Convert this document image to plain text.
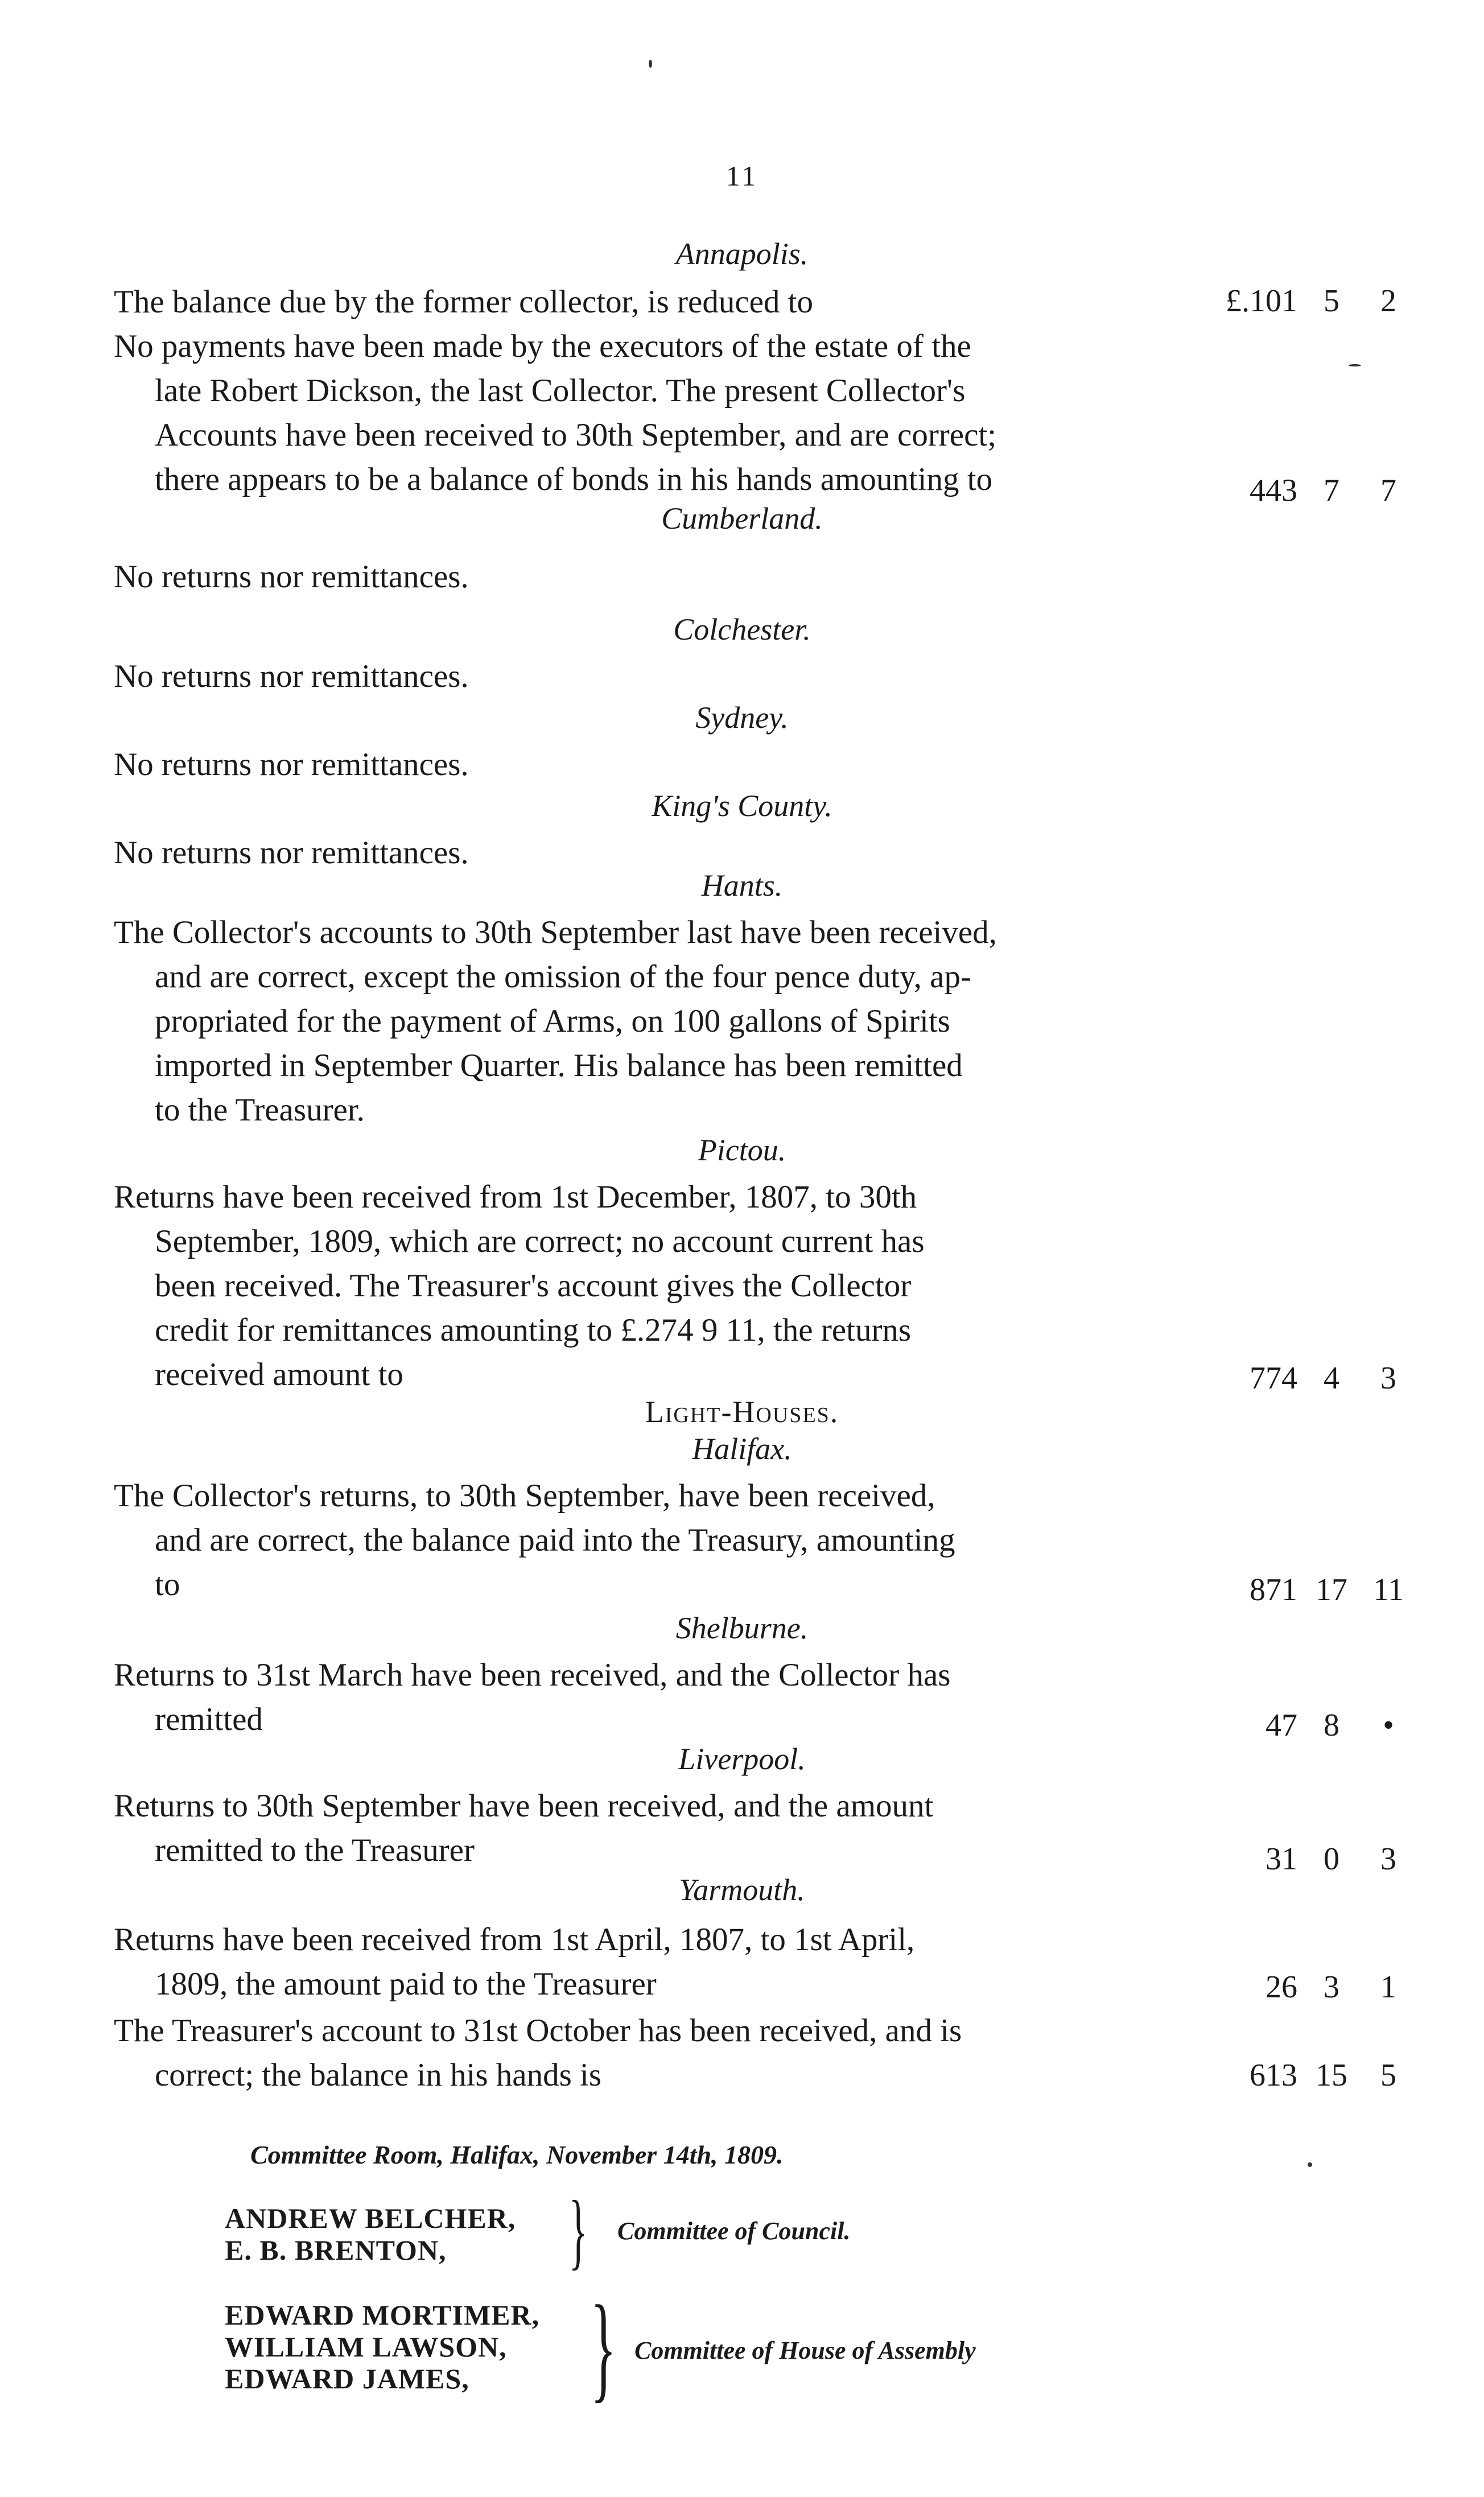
11
Annapolis.
The balance due by the former collector, is reduced to	£.101 5	2
No payments have been made by the executors of the estate of the
late Robert Dickson, the last Collector. The present Collector's
Accounts have been received to 30th September, and are correct;
there appears to be a balance of bonds in his hands amounting to	443 7	7
Cumberland.
No returns nor remittances.
Colchester.
No returns nor remittances.
Sydney.
No returns nor remittances.
King's County.
No returns nor remittances.
Hants.
The Collector's accounts to 30th September last have been received,
and are correct, except the omission of the four pence duty, ap-
propriated for the payment of Arms, on 100 gallons of Spirits
imported in September Quarter. His balance has been remitted
to the Treasurer.
Pictou.
Returns have been received from 1st December, 1807, to 30th
September, 1809, which are correct; no account current has
been received. The Treasurer's account gives the Collector
credit for remittances amounting to £.274 9 11, the returns
received amount to	774 4	3
Light-Houses.
Halifax.
The Collector's returns, to 30th September, have been received,
and are correct, the balance paid into the Treasury, amounting
to	871 17 11
Shelburne.
Returns to 31st March have been received, and the Collector has
remitted	47 8	•
Liverpool.
Returns to 30th September have been received, and the amount
remitted to the Treasurer	31 0	3
Yarmouth.
Returns have been received from 1st April, 1807, to 1st April,
1809, the amount paid to the Treasurer	26 3	1
The Treasurer's account to 31st October has been received, and is
correct; the balance in his hands is	613 15	5
Committee Room, Halifax, November 14th, 1809.
ANDREW BELCHER,
E. B. BRENTON,	} Committee of Council.
EDWARD MORTIMER,
WILLIAM LAWSON,
EDWARD JAMES,	} Committee of House of Assembly
